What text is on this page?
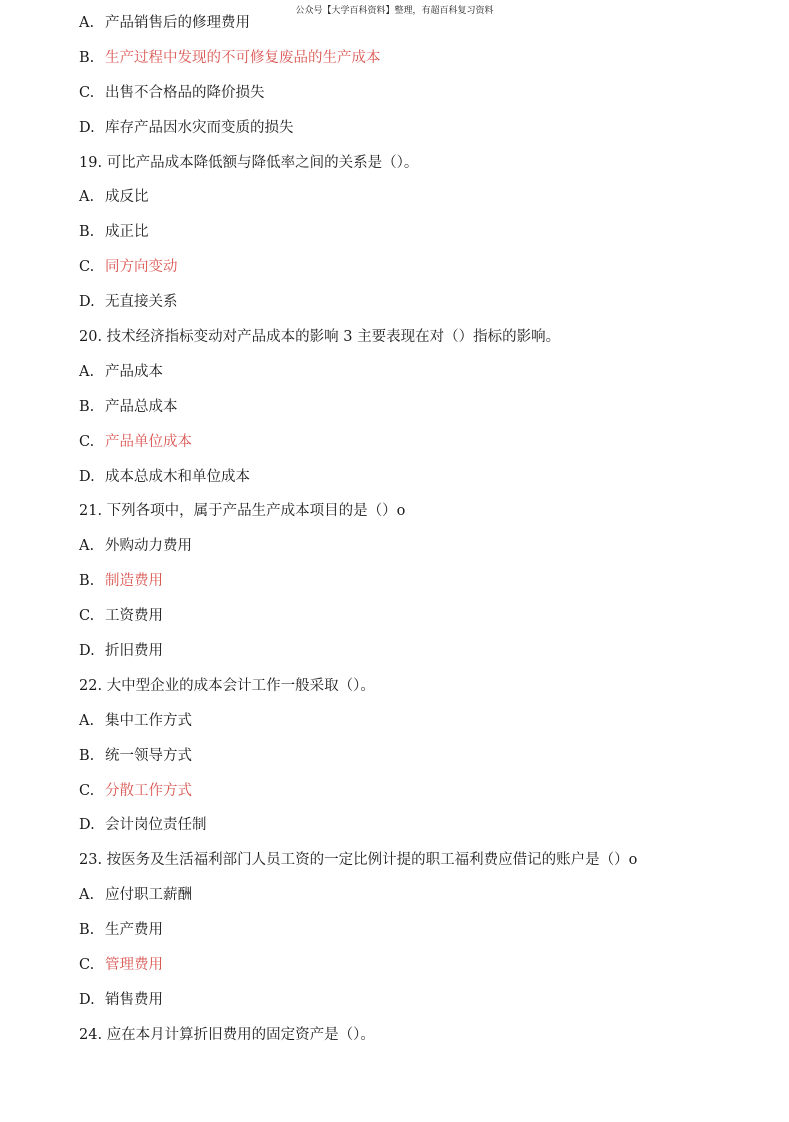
公众号【大学百科资料】整理，有超百科复习资料
A. 产品销售后的修理费用
B. 生产过程中发现的不可修复废品的生产成本
C. 出售不合格品的降价损失
D. 库存产品因水灾而变质的损失
19. 可比产品成本降低额与降低率之间的关系是（）。
A. 成反比
B. 成正比
C. 同方向变动
D. 无直接关系
20. 技术经济指标变动对产品成本的影响 3 主要表现在对（）指标的影响。
A. 产品成本
B. 产品总成本
C. 产品单位成本
D. 成本总成木和单位成本
21. 下列各项中，属于产品生产成本项目的是（）o
A. 外购动力费用
B. 制造费用
C. 工资费用
D. 折旧费用
22. 大中型企业的成本会计工作一般采取（）。
A. 集中工作方式
B. 统一领导方式
C. 分散工作方式
D. 会计岗位责任制
23. 按医务及生活福利部门人员工资的一定比例计提的职工福利费应借记的账户是（）o
A. 应付职工薪酬
B. 生产费用
C. 管理费用
D. 销售费用
24. 应在本月计算折旧费用的固定资产是（）。
